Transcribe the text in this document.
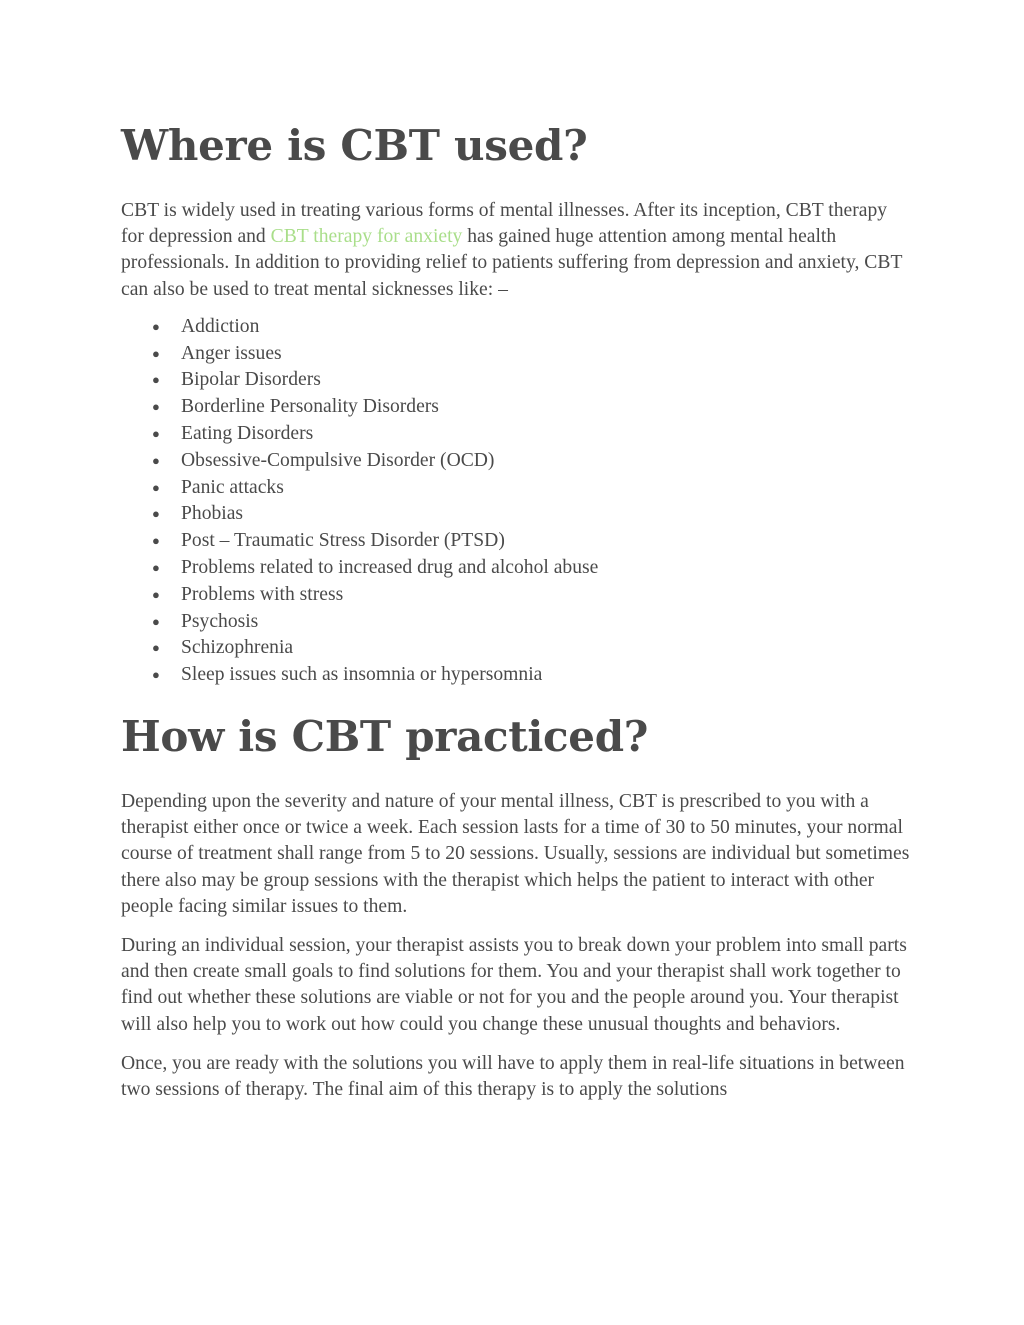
Where is CBT used?

CBT is widely used in treating various forms of mental illnesses. After its inception, CBT therapy for depression and CBT therapy for anxiety has gained huge attention among mental health professionals. In addition to providing relief to patients suffering from depression and anxiety, CBT can also be used to treat mental sicknesses like: –

● Addiction
● Anger issues
● Bipolar Disorders
● Borderline Personality Disorders
● Eating Disorders
● Obsessive-Compulsive Disorder (OCD)
● Panic attacks
● Phobias
● Post – Traumatic Stress Disorder (PTSD)
● Problems related to increased drug and alcohol abuse
● Problems with stress
● Psychosis
● Schizophrenia
● Sleep issues such as insomnia or hypersomnia
How is CBT practiced?

Depending upon the severity and nature of your mental illness, CBT is prescribed to you with a therapist either once or twice a week. Each session lasts for a time of 30 to 50 minutes, your normal course of treatment shall range from 5 to 20 sessions. Usually, sessions are individual but sometimes there also may be group sessions with the therapist which helps the patient to interact with other people facing similar issues to them.

During an individual session, your therapist assists you to break down your problem into small parts and then create small goals to find solutions for them. You and your therapist shall work together to find out whether these solutions are viable or not for you and the people around you. Your therapist will also help you to work out how could you change these unusual thoughts and behaviors.

Once, you are ready with the solutions you will have to apply them in real-life situations in between two sessions of therapy. The final aim of this therapy is to apply the solutions
